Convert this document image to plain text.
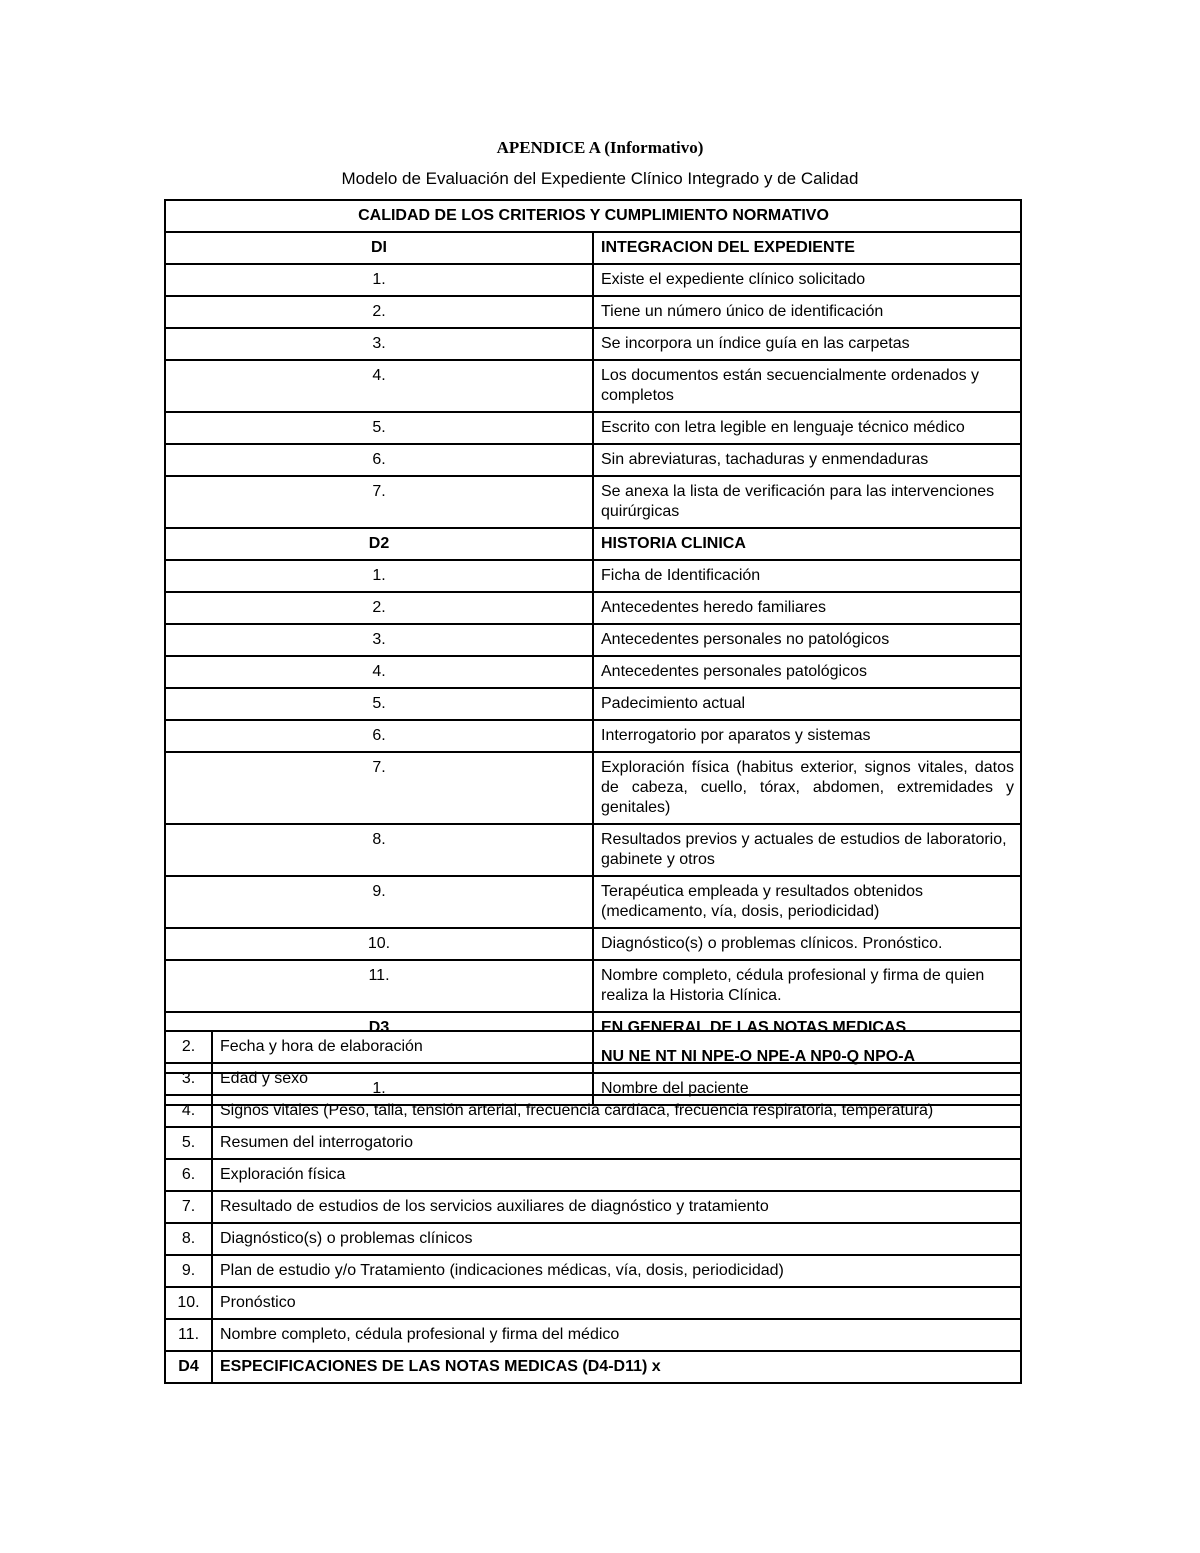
APENDICE A (Informativo)
Modelo de Evaluación del Expediente Clínico Integrado y de Calidad
CALIDAD DE LOS CRITERIOS Y CUMPLIMIENTO NORMATIVO	
DI	INTEGRACION DEL EXPEDIENTE

1.	Existe el expediente clínico solicitado

2.	Tiene un número único de identificación

3.	Se incorpora un índice guía en las carpetas

4.	Los documentos están secuencialmente ordenados y completos

5.	Escrito con letra legible en lenguaje técnico médico

6.	Sin abreviaturas, tachaduras y enmendaduras

7.	Se anexa la lista de verificación para las intervenciones quirúrgicas

D2	HISTORIA CLINICA

1.	Ficha de Identificación

2.	Antecedentes heredo familiares

3.	Antecedentes personales no patológicos

4.	Antecedentes personales patológicos

5.	Padecimiento actual

6.	Interrogatorio por aparatos y sistemas

7.	Exploración física (habitus exterior, signos vitales, datos de cabeza, cuello, tórax, abdomen, extremidades y genitales)

8.	Resultados previos y actuales de estudios de laboratorio, gabinete y otros

9.	Terapéutica empleada y resultados obtenidos (medicamento, vía, dosis, periodicidad)

10.	Diagnóstico(s) o problemas clínicos. Pronóstico.

11.	Nombre completo, cédula profesional y firma de quien realiza la Historia Clínica.

D3	EN GENERAL DE LAS NOTAS MEDICAS
NU NE NT NI NPE-O NPE-A NP0-Q NPO-A

1.	Nombre del paciente
2.	Fecha y hora de elaboración

3.	Edad y sexo

4.	Signos vitales (Peso, talla, tensión arterial, frecuencia cardíaca, frecuencia respiratoria, temperatura)

5.	Resumen del interrogatorio

6.	Exploración física

7.	Resultado de estudios de los servicios auxiliares de diagnóstico y tratamiento

8.	Diagnóstico(s) o problemas clínicos

9.	Plan de estudio y/o Tratamiento (indicaciones médicas, vía, dosis, periodicidad)

10.	Pronóstico

11.	Nombre completo, cédula profesional y firma del médico

D4	ESPECIFICACIONES DE LAS NOTAS MEDICAS (D4-D11) x
